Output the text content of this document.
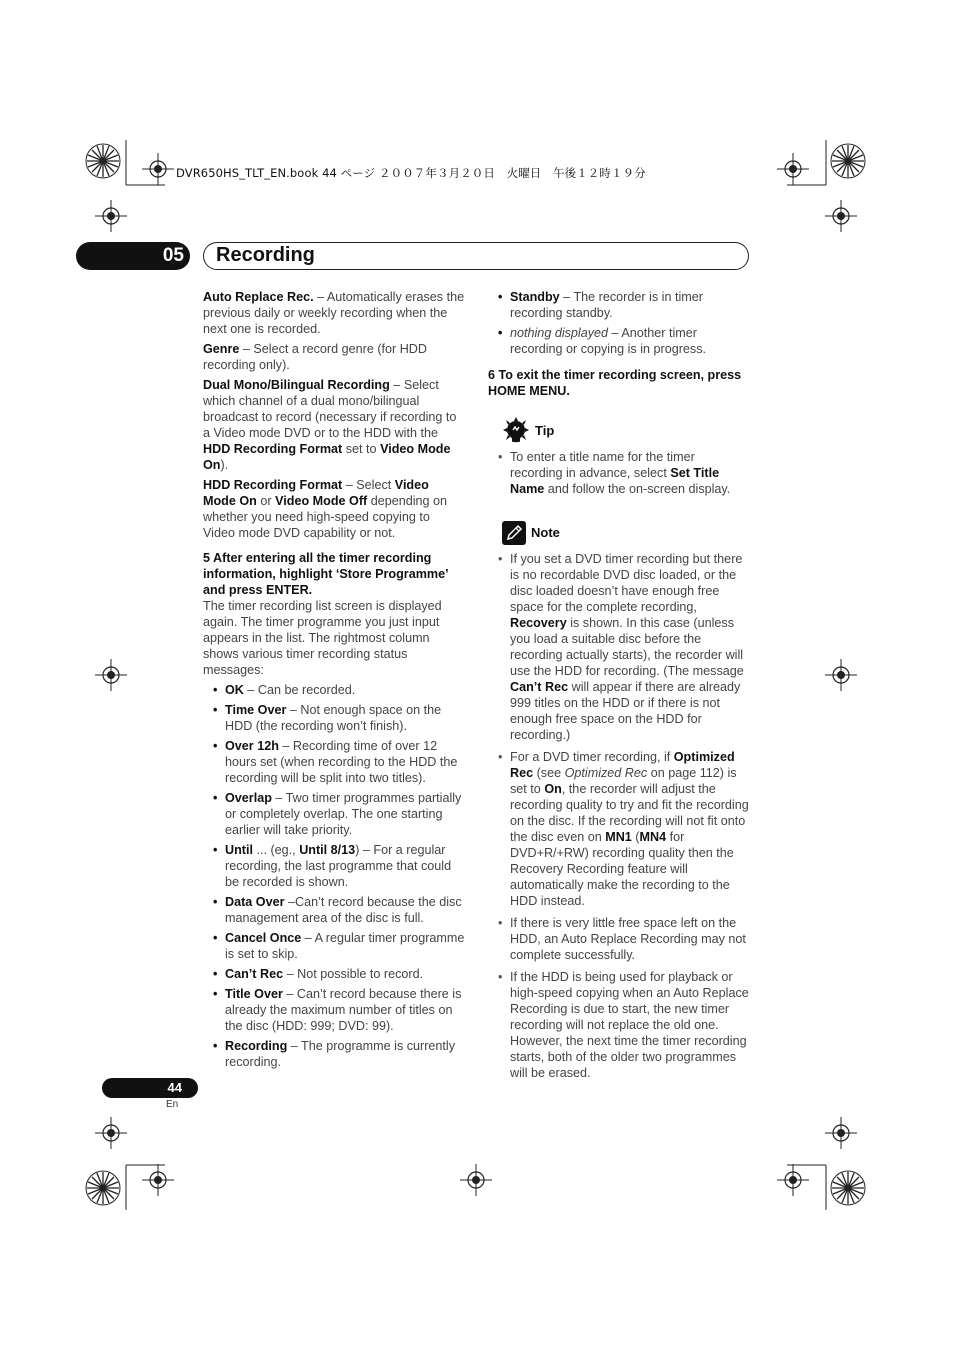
DVR650HS_TLT_EN.book 44 ページ ２００７年３月２０日　火曜日　午後１２時１９分
05	Recording

Auto Replace Rec. – Automatically erases the previous daily or weekly recording when the next one is recorded.

Genre – Select a record genre (for HDD recording only).

Dual Mono/Bilingual Recording – Select which channel of a dual mono/bilingual broadcast to record (necessary if recording to a Video mode DVD or to the HDD with the HDD Recording Format set to Video Mode On).

HDD Recording Format – Select Video Mode On or Video Mode Off depending on whether you need high-speed copying to Video mode DVD capability or not.

5 After entering all the timer recording information, highlight ‘Store Programme’ and press ENTER.

The timer recording list screen is displayed again. The timer programme you just input appears in the list. The rightmost column shows various timer recording status messages:

• OK – Can be recorded.
• Time Over – Not enough space on the HDD (the recording won’t finish).
• Over 12h – Recording time of over 12 hours set (when recording to the HDD the recording will be split into two titles).
• Overlap – Two timer programmes partially or completely overlap. The one starting earlier will take priority.
• Until ... (eg., Until 8/13) – For a regular recording, the last programme that could be recorded is shown.
• Data Over –Can’t record because the disc management area of the disc is full.
• Cancel Once – A regular timer programme is set to skip.
• Can’t Rec – Not possible to record.
• Title Over – Can’t record because there is already the maximum number of titles on the disc (HDD: 999; DVD: 99).
• Recording – The programme is currently recording.
• Standby – The recorder is in timer recording standby.
• nothing displayed – Another timer recording or copying is in progress.
6 To exit the timer recording screen, press HOME MENU.
Tip
• To enter a title name for the timer recording in advance, select Set Title Name and follow the on-screen display.
Note
• If you set a DVD timer recording but there is no recordable DVD disc loaded, or the disc loaded doesn’t have enough free space for the complete recording, Recovery is shown. In this case (unless you load a suitable disc before the recording actually starts), the recorder will use the HDD for recording. (The message Can’t Rec will appear if there are already 999 titles on the HDD or if there is not enough free space on the HDD for recording.)
• For a DVD timer recording, if Optimized Rec (see Optimized Rec on page 112) is set to On, the recorder will adjust the recording quality to try and fit the recording on the disc. If the recording will not fit onto the disc even on MN1 (MN4 for DVD+R/+RW) recording quality then the Recovery Recording feature will automatically make the recording to the HDD instead.
• If there is very little free space left on the HDD, an Auto Replace Recording may not complete successfully.
• If the HDD is being used for playback or high-speed copying when an Auto Replace Recording is due to start, the new timer recording will not replace the old one. However, the next time the timer recording starts, both of the older two programmes will be erased.
44
En
